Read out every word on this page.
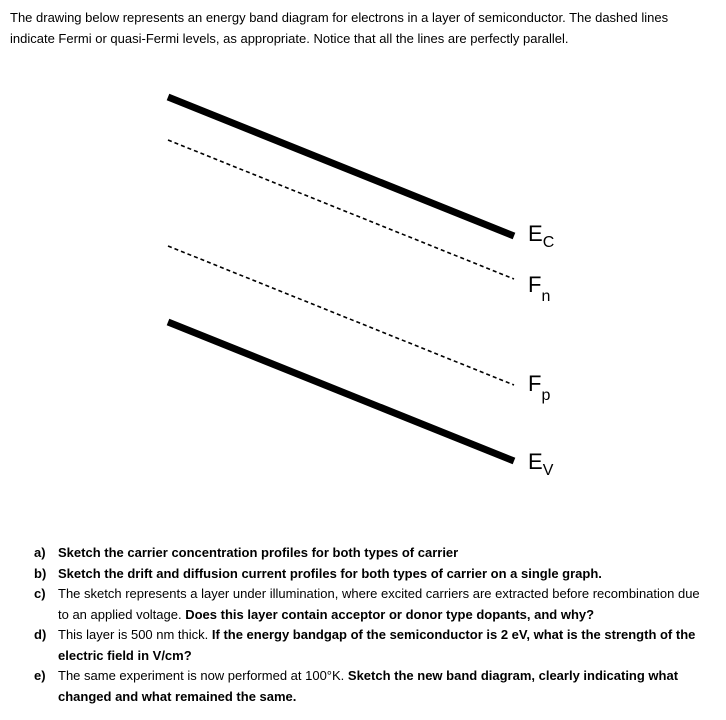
The drawing below represents an energy band diagram for electrons in a layer of semiconductor. The dashed lines indicate Fermi or quasi-Fermi levels, as appropriate. Notice that all the lines are perfectly parallel.

$E_C$
$F_n$
$F_p$
$E_V$
a) Sketch the carrier concentration profiles for both types of carrier
b) Sketch the drift and diffusion current profiles for both types of carrier on a single graph.
c) The sketch represents a layer under illumination, where excited carriers are extracted before recombination due to an applied voltage. Does this layer contain acceptor or donor type dopants, and why?
d) This layer is 500 nm thick. If the energy bandgap of the semiconductor is 2 eV, what is the strength of the electric field in V/cm?
e) The same experiment is now performed at 100°K. Sketch the new band diagram, clearly indicating what changed and what remained the same.
